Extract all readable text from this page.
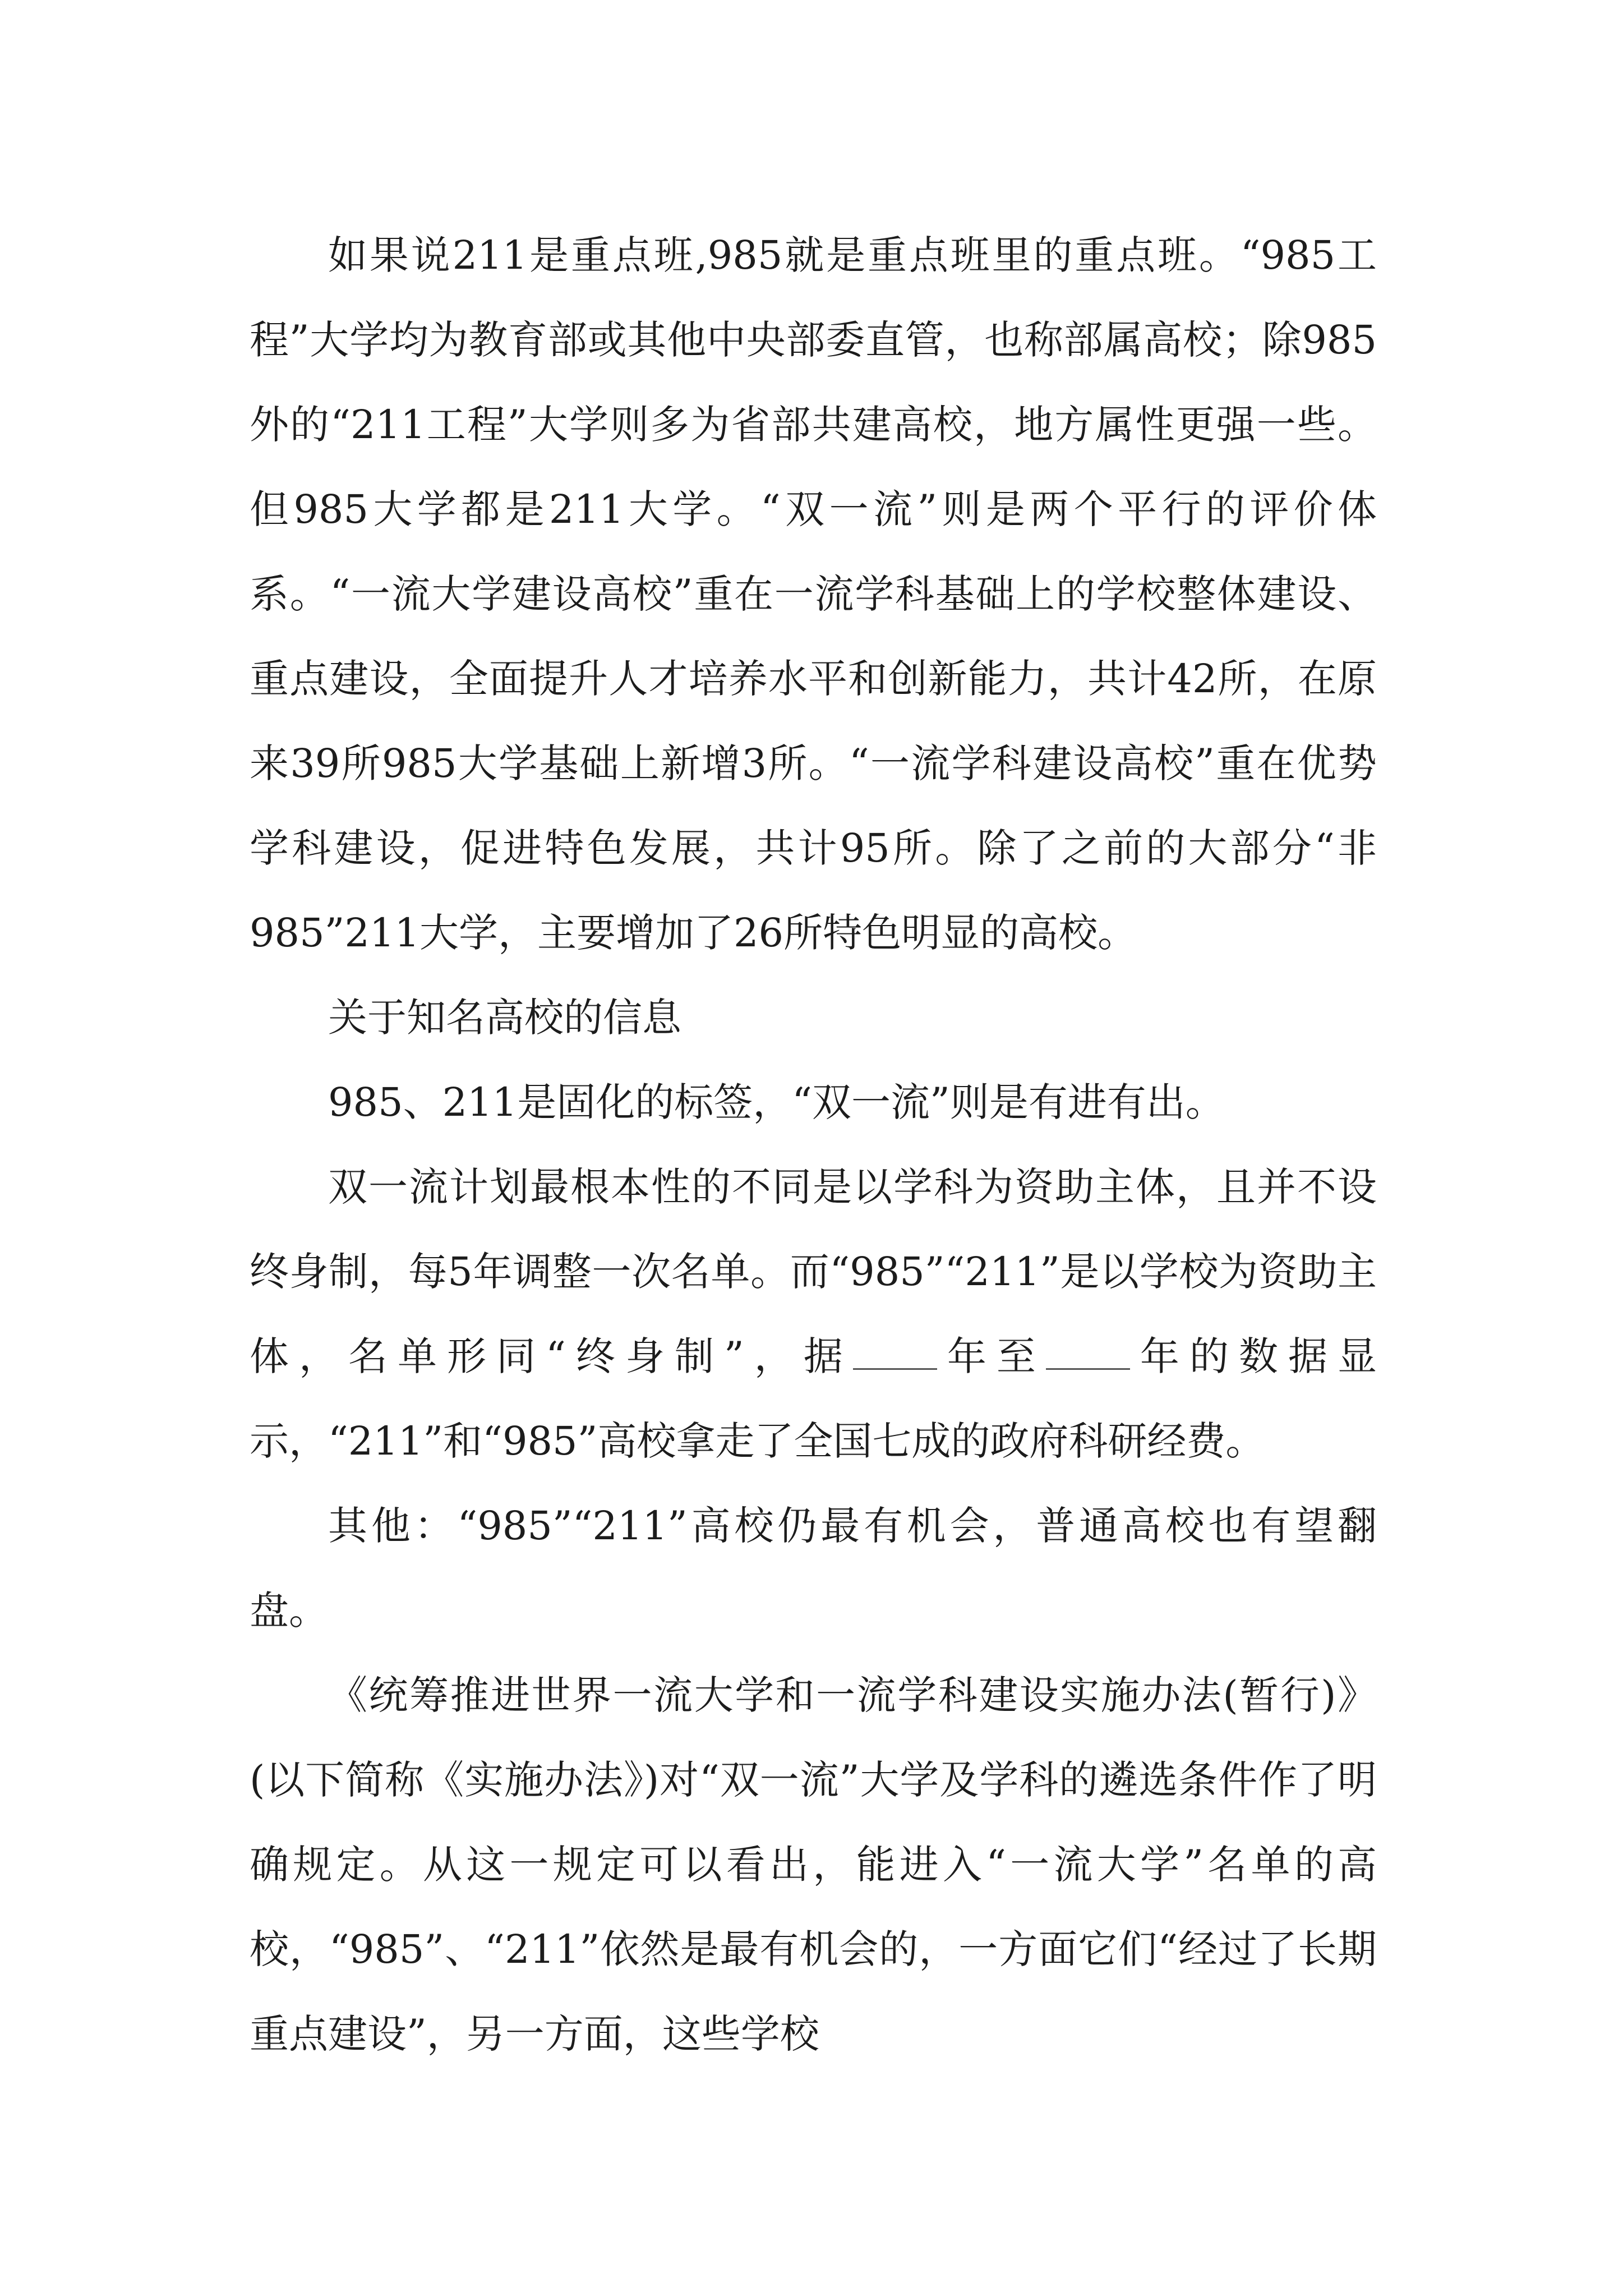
如果说211是重点班,985就是重点班里的重点班。“985工程”大学均为教育部或其他中央部委直管，也称部属高校；除985外的“211工程”大学则多为省部共建高校，地方属性更强一些。但985大学都是211大学。“双一流”则是两个平行的评价体系。“一流大学建设高校”重在一流学科基础上的学校整体建设、重点建设，全面提升人才培养水平和创新能力，共计42所，在原来39所985大学基础上新增3所。“一流学科建设高校”重在优势学科建设，促进特色发展，共计95所。除了之前的大部分“非985”211大学，主要增加了26所特色明显的高校。

关于知名高校的信息

985、211是固化的标签，“双一流”则是有进有出。

双一流计划最根本性的不同是以学科为资助主体，且并不设终身制，每5年调整一次名单。而“985”“211”是以学校为资助主体，名单形同“终身制”，据 年至 年的数据显示，“211”和“985”高校拿走了全国七成的政府科研经费。

其他：“985”“211”高校仍最有机会，普通高校也有望翻盘。

《统筹推进世界一流大学和一流学科建设实施办法(暂行)》(以下简称《实施办法》)对“双一流”大学及学科的遴选条件作了明确规定。从这一规定可以看出，能进入“一流大学”名单的高校，“985”、“211”依然是最有机会的，一方面它们“经过了长期重点建设”，另一方面，这些学校
